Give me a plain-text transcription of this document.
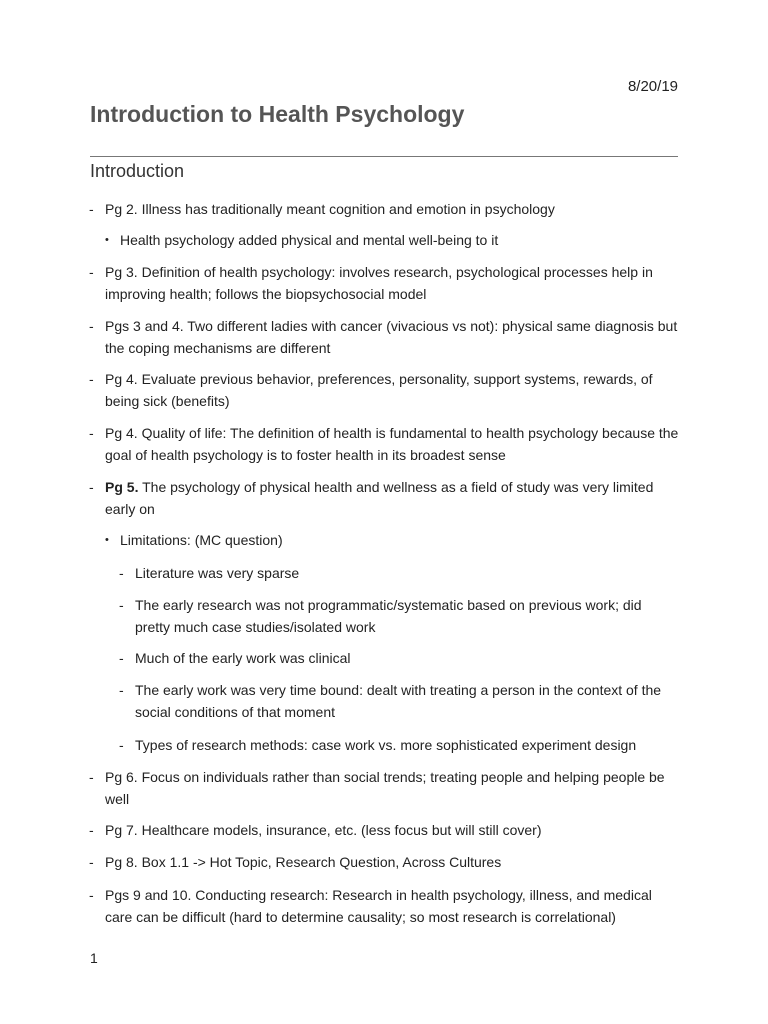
8/20/19
Introduction to Health Psychology
Introduction
- Pg 2. Illness has traditionally meant cognition and emotion in psychology
• Health psychology added physical and mental well-being to it
- Pg 3. Definition of health psychology: involves research, psychological processes help in improving health; follows the biopsychosocial model
- Pgs 3 and 4. Two different ladies with cancer (vivacious vs not): physical same diagnosis but the coping mechanisms are different
- Pg 4. Evaluate previous behavior, preferences, personality, support systems, rewards, of being sick (benefits)
- Pg 4. Quality of life: The definition of health is fundamental to health psychology because the goal of health psychology is to foster health in its broadest sense
- Pg 5. The psychology of physical health and wellness as a field of study was very limited early on
• Limitations: (MC question)
- Literature was very sparse
- The early research was not programmatic/systematic based on previous work; did pretty much case studies/isolated work
- Much of the early work was clinical
- The early work was very time bound: dealt with treating a person in the context of the social conditions of that moment
- Types of research methods: case work vs. more sophisticated experiment design
- Pg 6. Focus on individuals rather than social trends; treating people and helping people be well
- Pg 7. Healthcare models, insurance, etc. (less focus but will still cover)
- Pg 8. Box 1.1 -> Hot Topic, Research Question, Across Cultures
- Pgs 9 and 10. Conducting research: Research in health psychology, illness, and medical care can be difficult (hard to determine causality; so most research is correlational)
1
